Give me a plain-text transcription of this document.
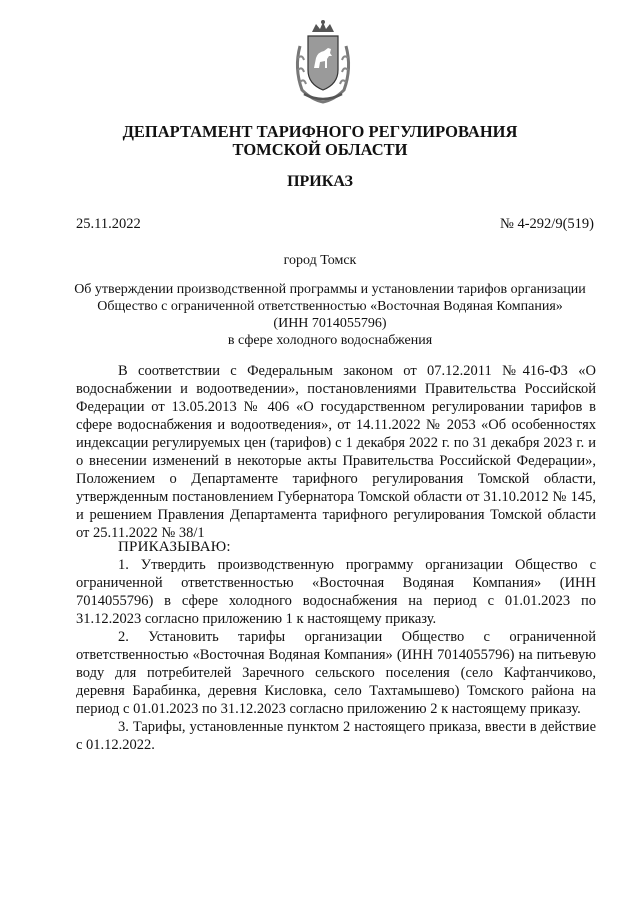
ДЕПАРТАМЕНТ ТАРИФНОГО РЕГУЛИРОВАНИЯ
ТОМСКОЙ ОБЛАСТИ
ПРИКАЗ
25.11.2022	№ 4-292/9(519)
город Томск
Об утверждении производственной программы и установлении тарифов организации
Общество с ограниченной ответственностью «Восточная Водяная Компания»
(ИНН 7014055796)
в сфере холодного водоснабжения

В соответствии с Федеральным законом от 07.12.2011 №416-ФЗ «О водоснабжении и водоотведении», постановлениями Правительства Российской Федерации от 13.05.2013 № 406 «О государственном регулировании тарифов в сфере водоснабжения и водоотведения», от 14.11.2022 № 2053 «Об особенностях индексации регулируемых цен (тарифов) с 1 декабря 2022 г. по 31 декабря 2023 г. и о внесении изменений в некоторые акты Правительства Российской Федерации», Положением о Департаменте тарифного регулирования Томской области, утвержденным постановлением Губернатора Томской области от 31.10.2012 № 145, и решением Правления Департамента тарифного регулирования Томской области от 25.11.2022 № 38/1

ПРИКАЗЫВАЮ:

1. Утвердить производственную программу организации Общество с ограниченной ответственностью «Восточная Водяная Компания» (ИНН 7014055796) в сфере холодного водоснабжения на период с 01.01.2023 по 31.12.2023 согласно приложению 1 к настоящему приказу.

2. Установить тарифы организации Общество с ограниченной ответственностью «Восточная Водяная Компания» (ИНН 7014055796) на питьевую воду для потребителей Заречного сельского поселения (село Кафтанчиково, деревня Барабинка, деревня Кисловка, село Тахтамышево) Томского района на период с 01.01.2023 по 31.12.2023 согласно приложению 2 к настоящему приказу.

3. Тарифы, установленные пунктом 2 настоящего приказа, ввести в действие с 01.12.2022.
